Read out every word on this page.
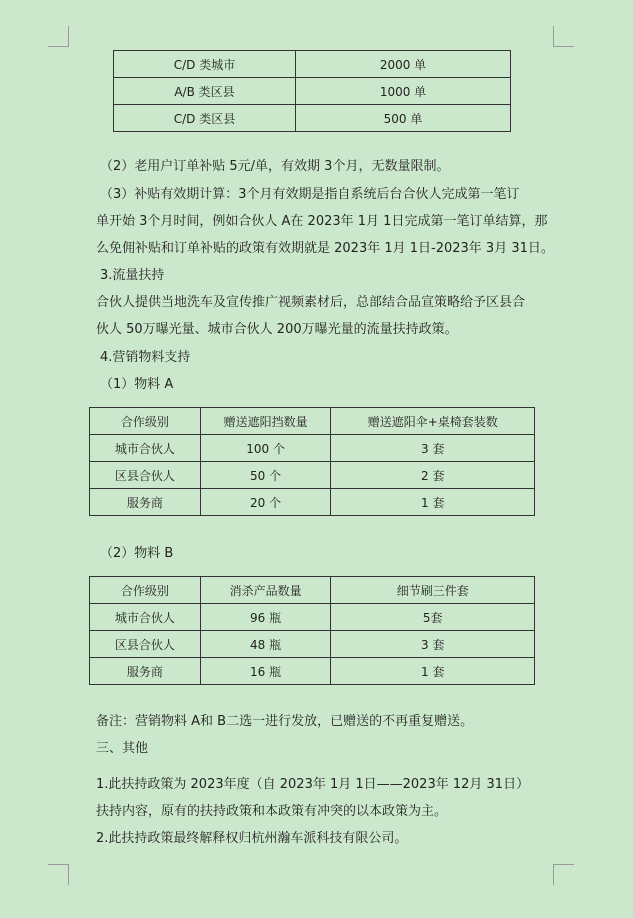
C/D 类城市	2000 单
A/B 类区县	1000 单
C/D 类区县	500 单
（2）老用户订单补贴 5元/单，有效期 3个月，无数量限制。
（3）补贴有效期计算：3个月有效期是指自系统后台合伙人完成第一笔订
单开始 3个月时间，例如合伙人 A在 2023年 1月 1日完成第一笔订单结算，那
么免佣补贴和订单补贴的政策有效期就是 2023年 1月 1日-2023年 3月 31日。
3.流量扶持
合伙人提供当地洗车及宣传推广视频素材后，总部结合品宣策略给予区县合
伙人 50万曝光量、城市合伙人 200万曝光量的流量扶持政策。
4.营销物料支持
（1）物料 A
合作级别	赠送遮阳挡数量	赠送遮阳伞+桌椅套装数
城市合伙人	100 个	3 套
区县合伙人	50 个	2 套
服务商	20 个	1 套
（2）物料 B
合作级别	消杀产品数量	细节刷三件套
城市合伙人	96 瓶	5套
区县合伙人	48 瓶	3 套
服务商	16 瓶	1 套
备注：营销物料 A和 B二选一进行发放，已赠送的不再重复赠送。
三、其他
1.此扶持政策为 2023年度（自 2023年 1月 1日——2023年 12月 31日）
扶持内容，原有的扶持政策和本政策有冲突的以本政策为主。
2.此扶持政策最终解释权归杭州瀚车派科技有限公司。
